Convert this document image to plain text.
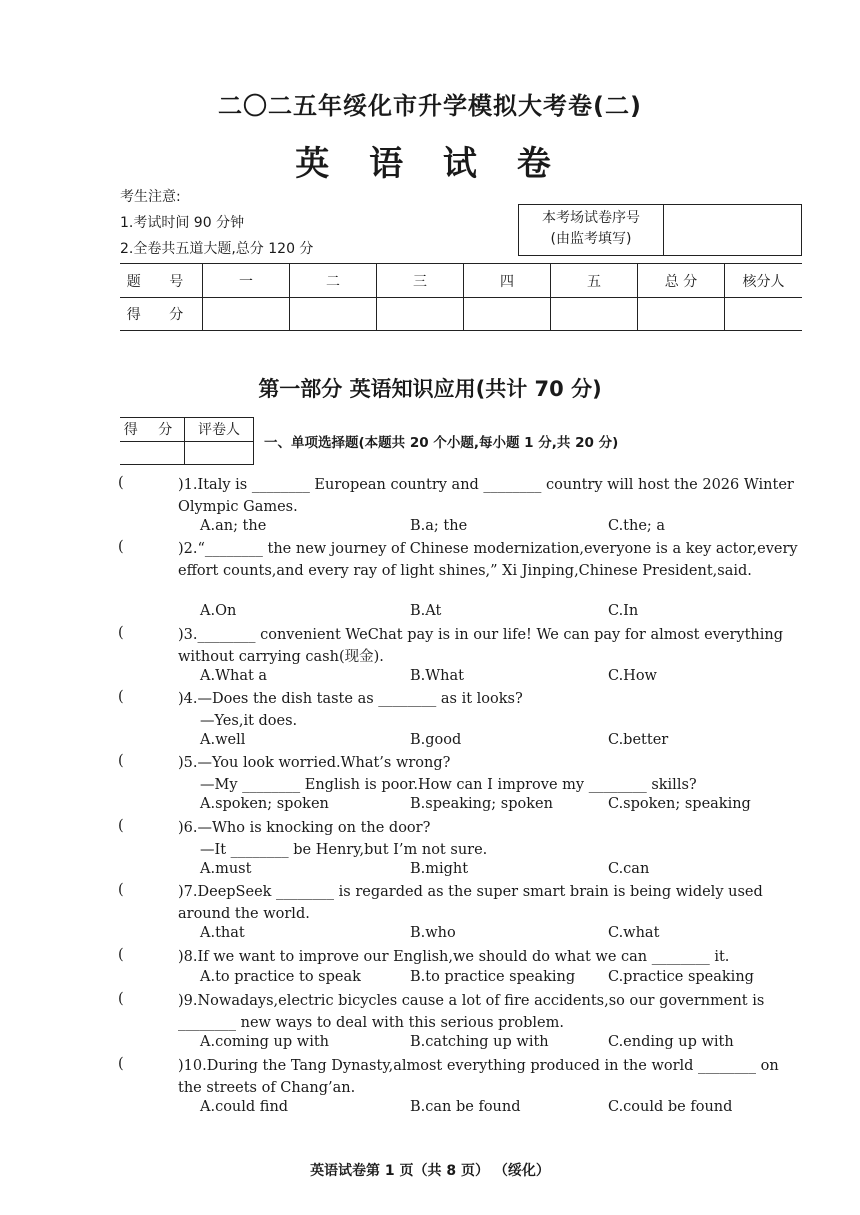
二〇二五年绥化市升学模拟大考卷(二)
英 语 试 卷
考生注意:
1.考试时间 90 分钟
2.全卷共五道大题,总分 120 分
本考场试卷序号
(由监考填写)
题 号	一	二	三	四	五	总 分	核分人
得 分							
第一部分 英语知识应用(共计 70 分)
得 分	评卷人

一、单项选择题(本题共 20 个小题,每小题 1 分,共 20 分)
(	)1.Italy is ________ European country and ________ country will host the 2026 Winter Olympic Games.
A.an; the	B.a; the	C.the; a
(	)2.“________ the new journey of Chinese modernization,everyone is a key actor,every effort counts,and every ray of light shines,” Xi Jinping,Chinese President,said.
A.On	B.At	C.In
(	)3.________ convenient WeChat pay is in our life! We can pay for almost everything without carrying cash(现金).
A.What a	B.What	C.How
(	)4.—Does the dish taste as ________ as it looks?
—Yes,it does.
A.well	B.good	C.better
(	)5.—You look worried.What’s wrong?
—My ________ English is poor.How can I improve my ________ skills?
A.spoken; spoken	B.speaking; spoken	C.spoken; speaking
(	)6.—Who is knocking on the door?
—It ________ be Henry,but I’m not sure.
A.must	B.might	C.can
(	)7.DeepSeek ________ is regarded as the super smart brain is being widely used around the world.
A.that	B.who	C.what
(	)8.If we want to improve our English,we should do what we can ________ it.
A.to practice to speak	B.to practice speaking	C.practice speaking
(	)9.Nowadays,electric bicycles cause a lot of fire accidents,so our government is ________ new ways to deal with this serious problem.
A.coming up with	B.catching up with	C.ending up with
(	)10.During the Tang Dynasty,almost everything produced in the world ________ on the streets of Chang’an.
A.could find	B.can be found	C.could be found
英语试卷第 1 页（共 8 页） （绥化）
